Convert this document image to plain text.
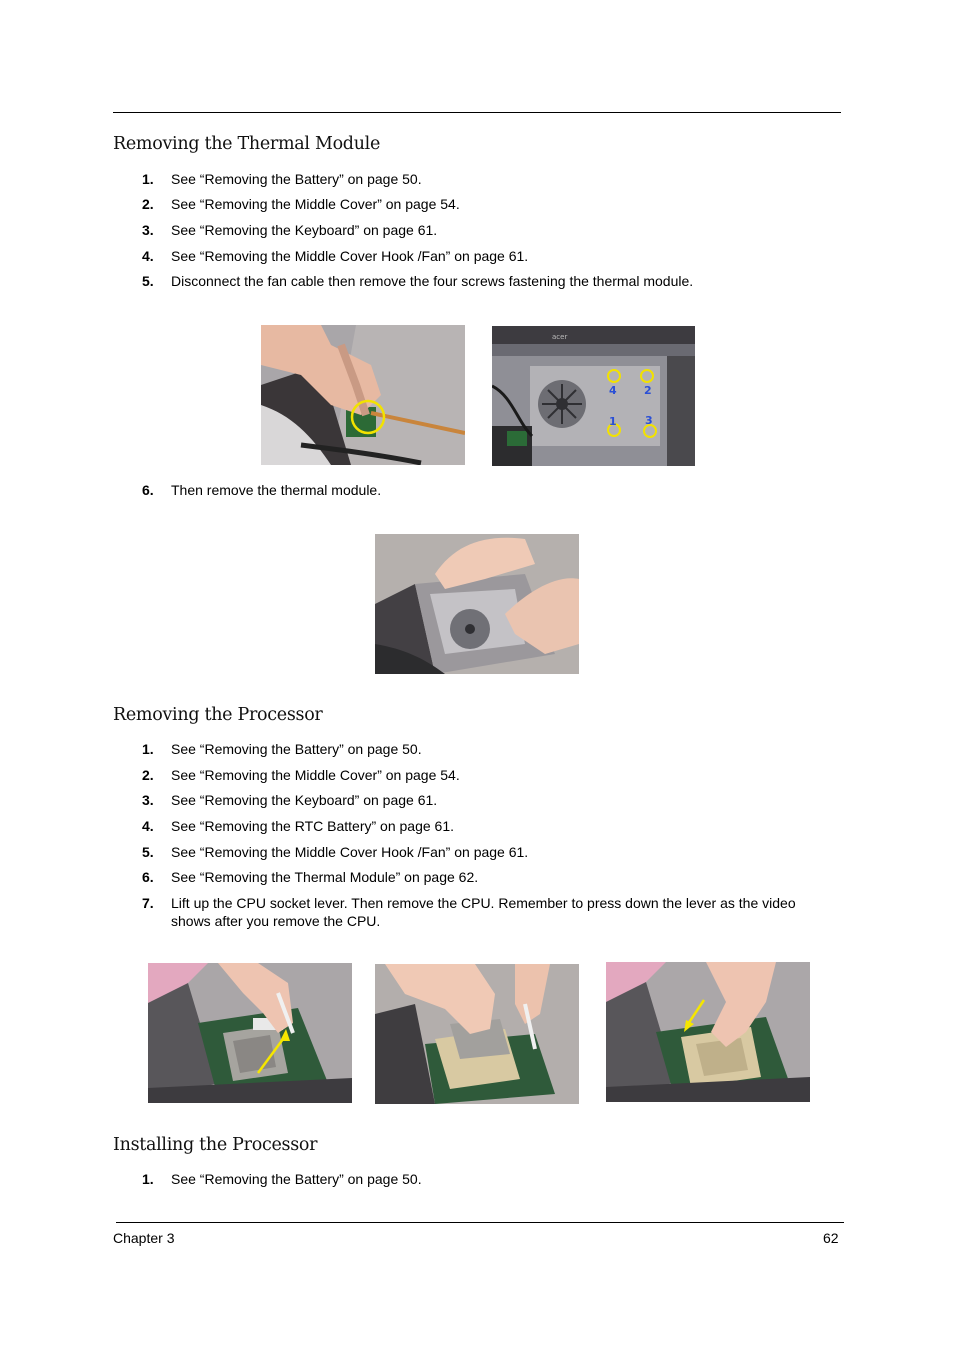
Removing the Thermal Module
1.	See “Removing the Battery” on page 50.
2.	See “Removing the Middle Cover” on page 54.
3.	See “Removing the Keyboard” on page 61.
4.	See “Removing the Middle Cover Hook /Fan” on page 61.
5.	Disconnect the fan cable then remove the four screws fastening the thermal module.
acer
4 2
1	3
6.	Then remove the thermal module.
Removing the Processor
1.	See “Removing the Battery” on page 50.
2.	See “Removing the Middle Cover” on page 54.
3.	See “Removing the Keyboard” on page 61.
4.	See “Removing the RTC Battery” on page 61.
5.	See “Removing the Middle Cover Hook /Fan” on page 61.
6.	See “Removing the Thermal Module” on page 62.
7.	Lift up the CPU socket lever. Then remove the CPU. Remember to press down the lever as the video shows after you remove the CPU.
Installing the Processor
1.	See “Removing the Battery” on page 50.
Chapter 3	62
